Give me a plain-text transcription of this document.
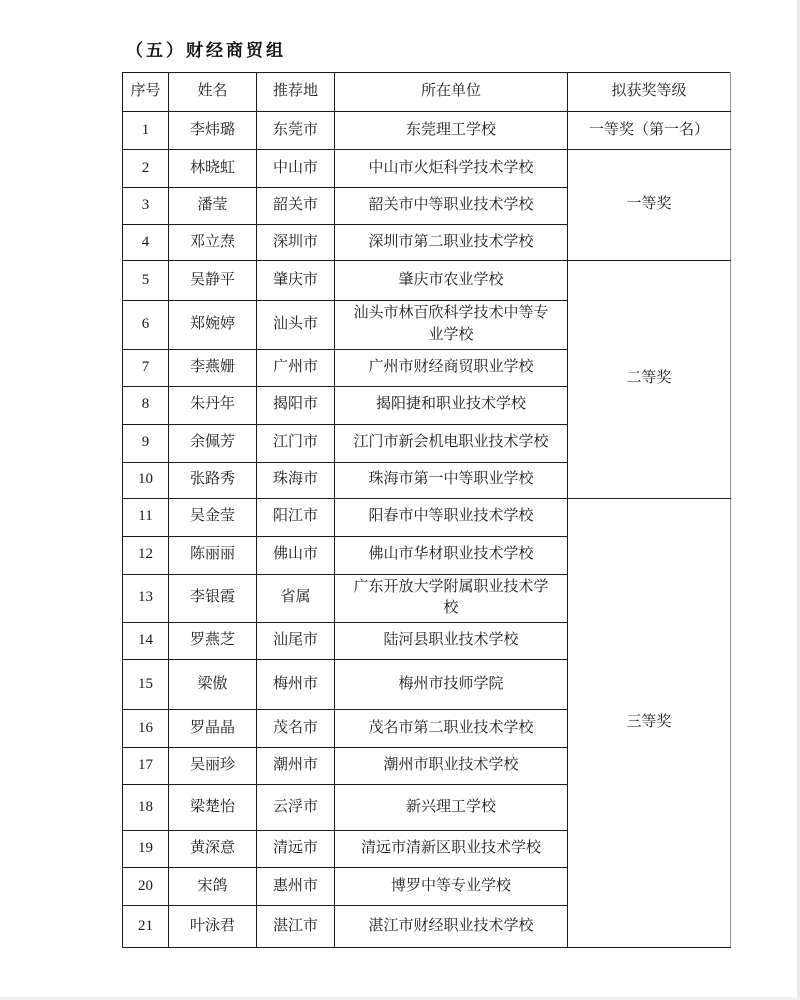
（五）财经商贸组
序号	姓名	推荐地	所在单位	拟获奖等级
1	李炜璐	东莞市	东莞理工学校	一等奖（第一名）
2	林晓虹	中山市	中山市火炬科学技术学校	一等奖
3	潘莹	韶关市	韶关市中等职业技术学校	
4	邓立焘	深圳市	深圳市第二职业技术学校	
5	吴静平	肇庆市	肇庆市农业学校	二等奖
6	郑婉婷	汕头市	汕头市林百欣科学技术中等专业学校	
7	李燕姗	广州市	广州市财经商贸职业学校	
8	朱丹年	揭阳市	揭阳捷和职业技术学校	
9	余佩芳	江门市	江门市新会机电职业技术学校	
10	张路秀	珠海市	珠海市第一中等职业学校	
11	吴金莹	阳江市	阳春市中等职业技术学校	三等奖
12	陈丽丽	佛山市	佛山市华材职业技术学校	
13	李银霞	省属	广东开放大学附属职业技术学校	
14	罗燕芝	汕尾市	陆河县职业技术学校	
15	梁傲	梅州市	梅州市技师学院	
16	罗晶晶	茂名市	茂名市第二职业技术学校	
17	吴丽珍	潮州市	潮州市职业技术学校	
18	梁楚怡	云浮市	新兴理工学校	
19	黄深意	清远市	清远市清新区职业技术学校	
20	宋鸽	惠州市	博罗中等专业学校	
21	叶泳君	湛江市	湛江市财经职业技术学校	
